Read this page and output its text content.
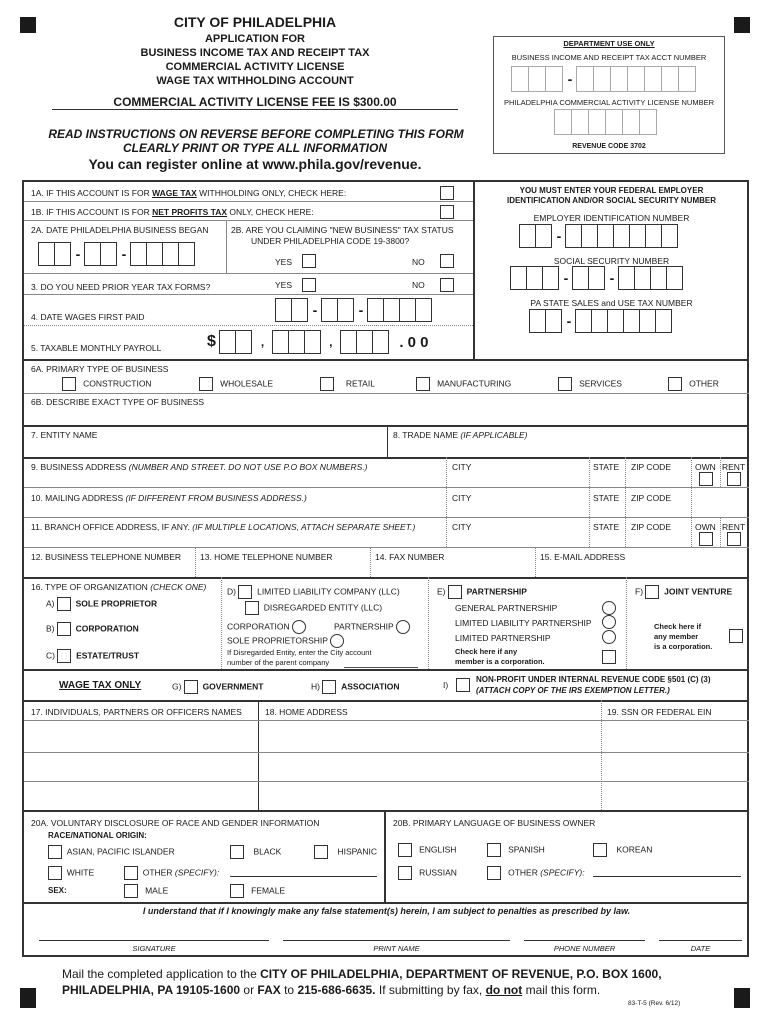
CITY OF PHILADELPHIA
APPLICATION FOR
BUSINESS INCOME TAX AND RECEIPT TAX
COMMERCIAL ACTIVITY LICENSE
WAGE TAX WITHHOLDING ACCOUNT
COMMERCIAL ACTIVITY LICENSE FEE IS $300.00
READ INSTRUCTIONS ON REVERSE BEFORE COMPLETING THIS FORM
CLEARLY PRINT OR TYPE ALL INFORMATION
You can register online at www.phila.gov/revenue.
DEPARTMENT USE ONLY
BUSINESS INCOME AND RECEIPT TAX ACCT NUMBER
-
PHILADELPHIA COMMERCIAL ACTIVITY LICENSE NUMBER
REVENUE CODE 3702
1A. IF THIS ACCOUNT IS FOR WAGE TAX WITHHOLDING ONLY, CHECK HERE:
1B. IF THIS ACCOUNT IS FOR NET PROFITS TAX ONLY, CHECK HERE:
2A. DATE PHILADELPHIA BUSINESS BEGAN
-	-
2B. ARE YOU CLAIMING "NEW BUSINESS" TAX STATUS
UNDER PHILADELPHIA CODE 19-3800?
YES	NO
3. DO YOU NEED PRIOR YEAR TAX FORMS?	YES	NO
4. DATE WAGES FIRST PAID	-	-
5. TAXABLE MONTHLY PAYROLL	$	,	,	. 0 0
YOU MUST ENTER YOUR FEDERAL EMPLOYER
IDENTIFICATION AND/OR SOCIAL SECURITY NUMBER
EMPLOYER IDENTIFICATION NUMBER
-
SOCIAL SECURITY NUMBER
-	-
PA STATE SALES and USE TAX NUMBER
-
6A. PRIMARY TYPE OF BUSINESS
CONSTRUCTION	WHOLESALE	RETAIL	MANUFACTURING	SERVICES	OTHER
6B. DESCRIBE EXACT TYPE OF BUSINESS
7. ENTITY NAME	8. TRADE NAME (IF APPLICABLE)
9. BUSINESS ADDRESS (NUMBER AND STREET. DO NOT USE P.O BOX NUMBERS.)	CITY	STATE ZIP CODE	OWN RENT
10. MAILING ADDRESS (IF DIFFERENT FROM BUSINESS ADDRESS.)	CITY	STATE ZIP CODE
11. BRANCH OFFICE ADDRESS, IF ANY. (IF MULTIPLE LOCATIONS, ATTACH SEPARATE SHEET.)	CITY	STATE ZIP CODE	OWN RENT
12. BUSINESS TELEPHONE NUMBER 13. HOME TELEPHONE NUMBER	14. FAX NUMBER	15. E-MAIL ADDRESS
16. TYPE OF ORGANIZATION (CHECK ONE)
A) SOLE PROPRIETOR
B) CORPORATION
C) ESTATE/TRUST
D) LIMITED LIABILITY COMPANY (LLC)
DISREGARDED ENTITY (LLC)
CORPORATION	PARTNERSHIP
SOLE PROPRIETORSHIP
If Disregarded Entity, enter the City account
number of the parent company
E) PARTNERSHIP
GENERAL PARTNERSHIP
LIMITED LIABILITY PARTNERSHIP
LIMITED PARTNERSHIP
Check here if any
member is a corporation.
F) JOINT VENTURE
Check here if
any member
is a corporation.
WAGE TAX ONLY	G) GOVERNMENT	H) ASSOCIATION	I)
NON-PROFIT UNDER INTERNAL REVENUE CODE §501 (C) (3)
(ATTACH COPY OF THE IRS EXEMPTION LETTER.)
17. INDIVIDUALS, PARTNERS OR OFFICERS NAMES	18. HOME ADDRESS	19. SSN OR FEDERAL EIN
20A. VOLUNTARY DISCLOSURE OF RACE AND GENDER INFORMATION
RACE/NATIONAL ORIGIN:
ASIAN, PACIFIC ISLANDER	BLACK	HISPANIC
WHITE	OTHER (SPECIFY):
SEX:	MALE	FEMALE
20B. PRIMARY LANGUAGE OF BUSINESS OWNER
ENGLISH	SPANISH	KOREAN
RUSSIAN	OTHER (SPECIFY):
I understand that if I knowingly make any false statement(s) herein, I am subject to penalties as prescribed by law.
SIGNATURE	PRINT NAME	PHONE NUMBER	DATE
Mail the completed application to the CITY OF PHILADELPHIA, DEPARTMENT OF REVENUE, P.O. BOX 1600,
PHILADELPHIA, PA 19105-1600 or FAX to 215-686-6635. If submitting by fax, do not mail this form.
83-T-5 (Rev. 6/12)
